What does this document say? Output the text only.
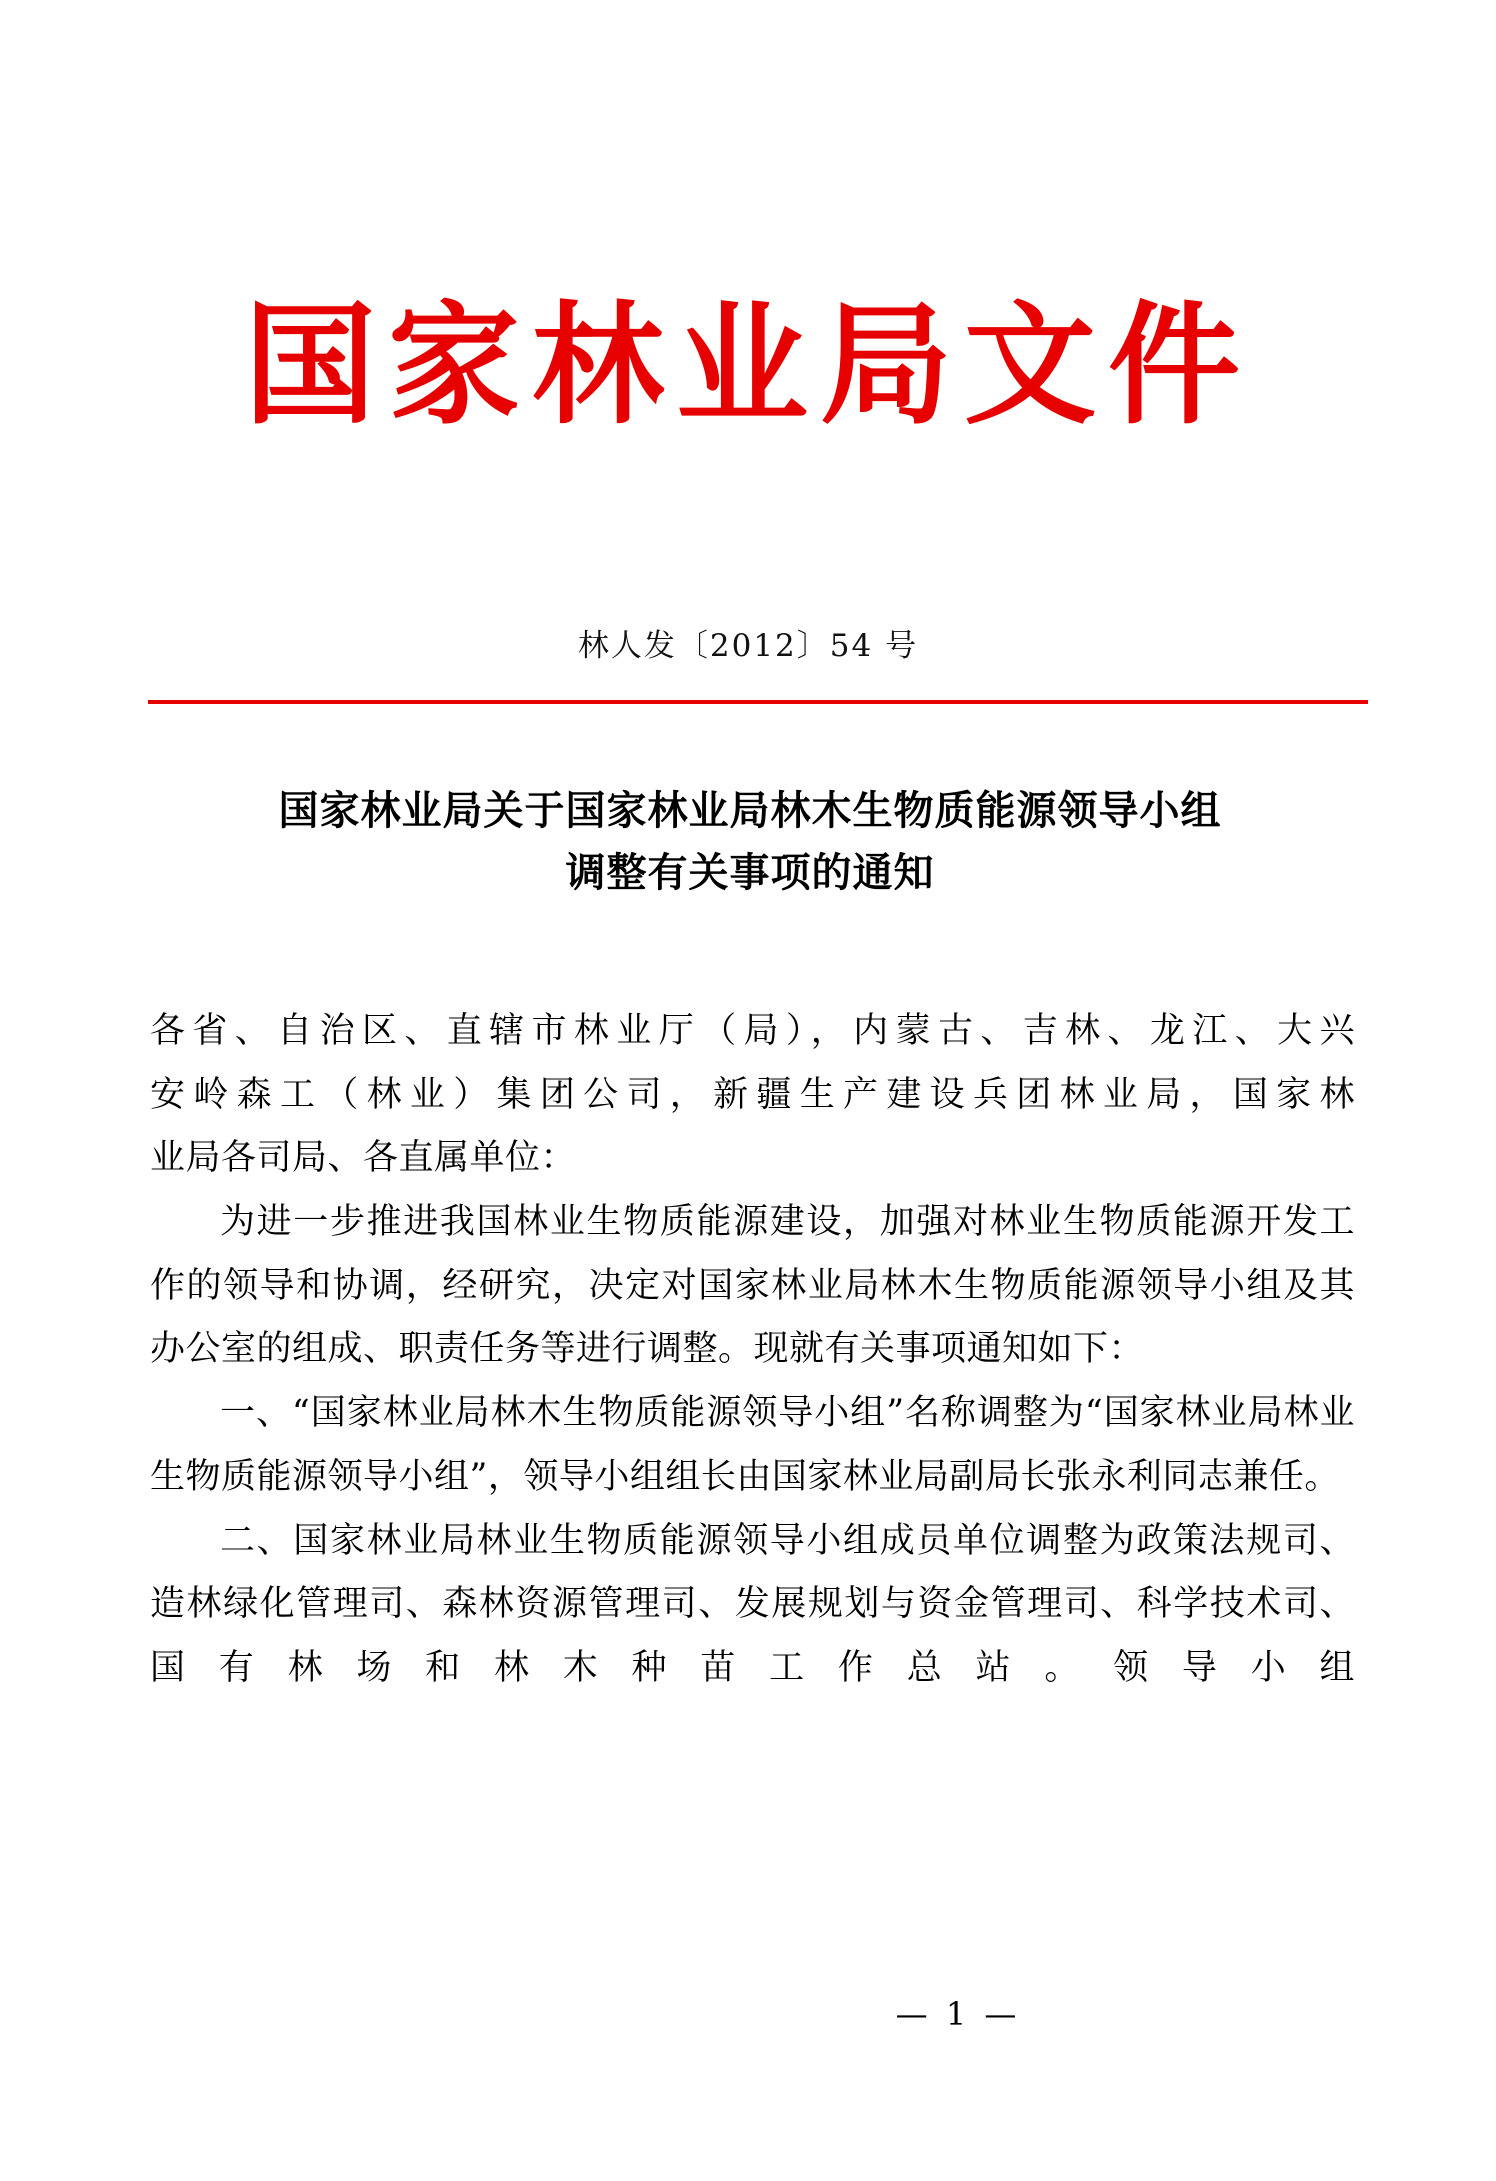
国家林业局文件
林人发〔2012〕54 号
国家林业局关于国家林业局林木生物质能源领导小组
调整有关事项的通知

各省、自治区、直辖市林业厅（局），内蒙古、吉林、龙江、大兴

安岭森工（林业）集团公司，新疆生产建设兵团林业局，国家林

业局各司局、各直属单位：

为进一步推进我国林业生物质能源建设，加强对林业生物质能源开发工作的领导和协调，经研究，决定对国家林业局林木生物质能源领导小组及其办公室的组成、职责任务等进行调整。现就有关事项通知如下：

一、“国家林业局林木生物质能源领导小组”名称调整为“国家林业局林业生物质能源领导小组”，领导小组组长由国家林业局副局长张永利同志兼任。

二、国家林业局林业生物质能源领导小组成员单位调整为政策法规司、造林绿化管理司、森林资源管理司、发展规划与资金管理司、科学技术司、国有林场和林木种苗工作总站。领导小组

— 1 —
